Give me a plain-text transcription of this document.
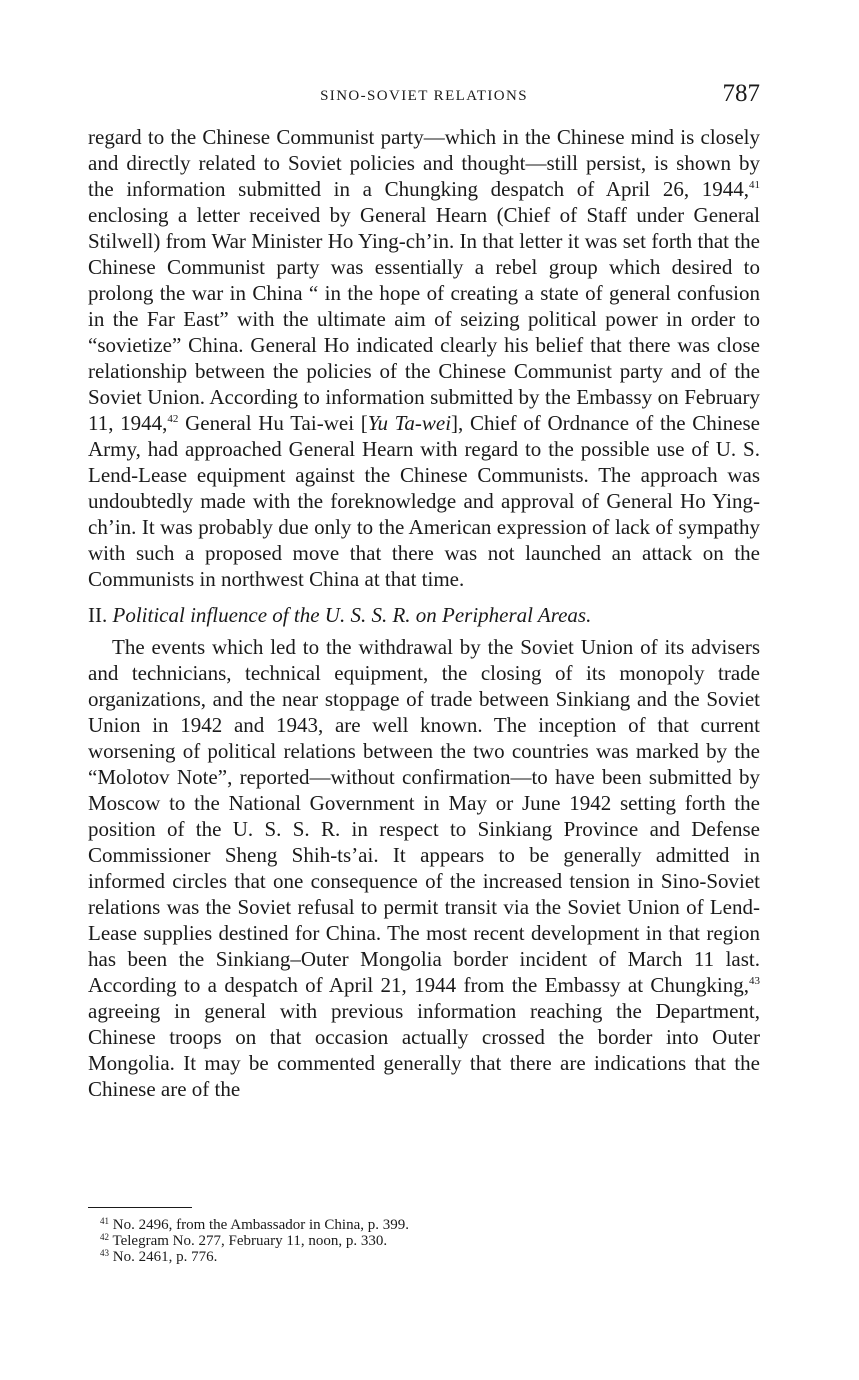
SINO-SOVIET RELATIONS	787

regard to the Chinese Communist party—which in the Chinese mind is closely and directly related to Soviet policies and thought—still persist, is shown by the information submitted in a Chungking despatch of April 26, 1944,41 enclosing a letter received by General Hearn (Chief of Staff under General Stilwell) from War Minister Ho Ying-ch’in. In that letter it was set forth that the Chinese Communist party was essentially a rebel group which desired to prolong the war in China “ in the hope of creating a state of general confusion in the Far East” with the ultimate aim of seizing political power in order to “sovietize” China. General Ho indicated clearly his belief that there was close relationship between the policies of the Chinese Communist party and of the Soviet Union. According to information submitted by the Embassy on February 11, 1944,42 General Hu Tai-wei [Yu Ta-wei], Chief of Ordnance of the Chinese Army, had approached General Hearn with regard to the possible use of U. S. Lend-Lease equipment against the Chinese Communists. The approach was undoubtedly made with the foreknowledge and approval of General Ho Ying-ch’in. It was probably due only to the American expression of lack of sympathy with such a proposed move that there was not launched an attack on the Communists in northwest China at that time.

II. Political influence of the U. S. S. R. on Peripheral Areas.

The events which led to the withdrawal by the Soviet Union of its advisers and technicians, technical equipment, the closing of its monopoly trade organizations, and the near stoppage of trade between Sinkiang and the Soviet Union in 1942 and 1943, are well known. The inception of that current worsening of political relations between the two countries was marked by the “Molotov Note”, reported—without confirmation—to have been submitted by Moscow to the National Government in May or June 1942 setting forth the position of the U. S. S. R. in respect to Sinkiang Province and Defense Commissioner Sheng Shih-ts’ai. It appears to be generally admitted in informed circles that one consequence of the increased tension in Sino-Soviet relations was the Soviet refusal to permit transit via the Soviet Union of Lend-Lease supplies destined for China. The most recent development in that region has been the Sinkiang–Outer Mongolia border incident of March 11 last. According to a despatch of April 21, 1944 from the Embassy at Chungking,$^{43}$ agreeing in general with previous information reaching the Department, Chinese troops on that occasion actually crossed the border into Outer Mongolia. It may be commented generally that there are indications that the Chinese are of the

$^{41}$ No. 2496, from the Ambassador in China, p. 399.
$^{42}$ Telegram No. 277, February 11, noon, p. 330.
$^{43}$ No. 2461, p. 776.
